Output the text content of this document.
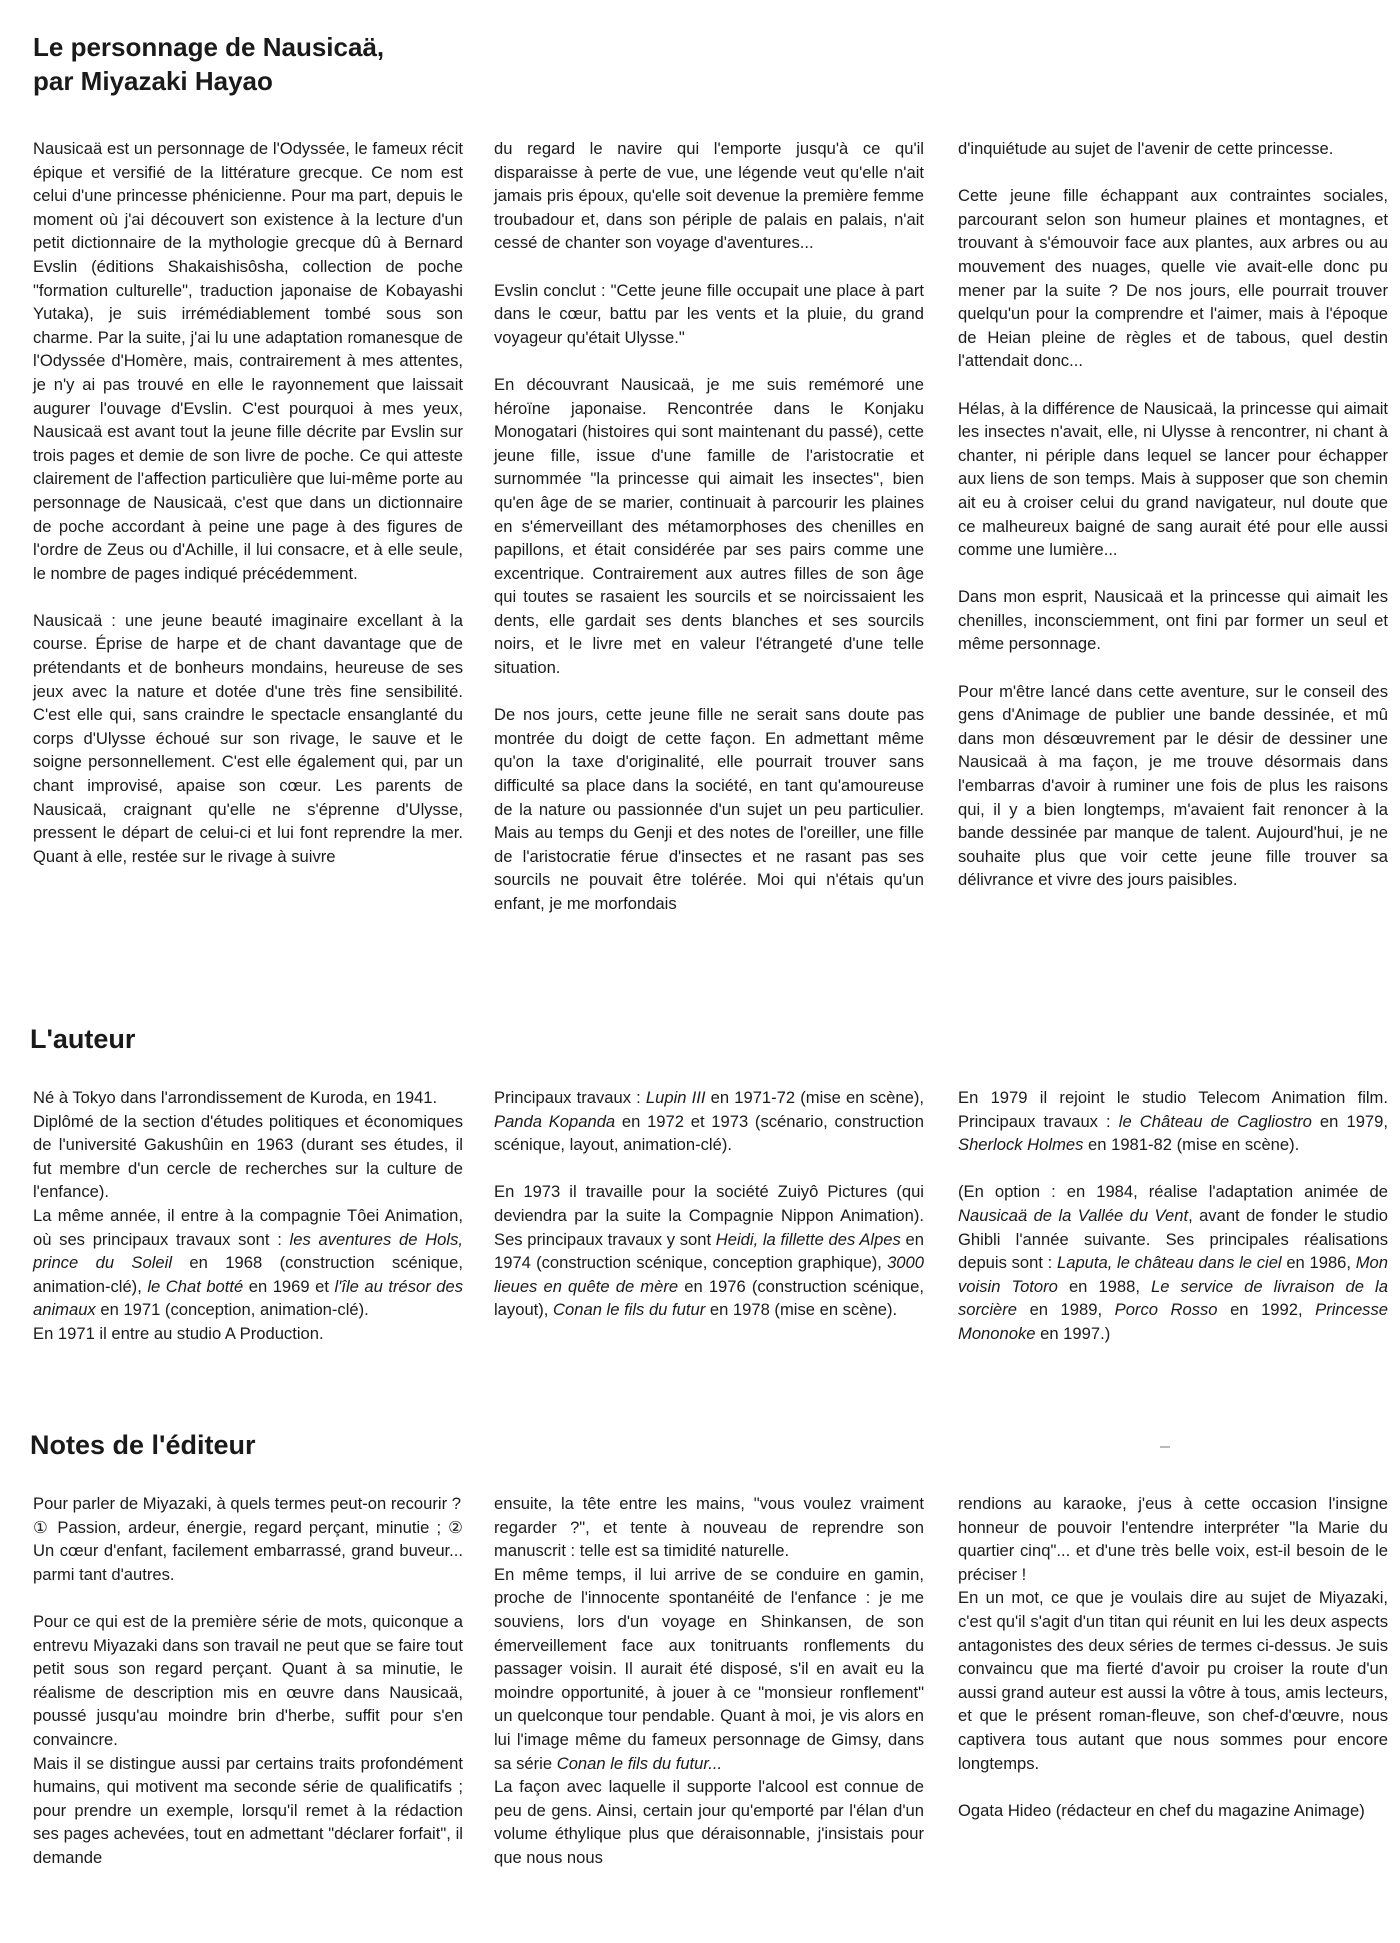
Le personnage de Nausicaä,
par Miyazaki Hayao

Nausicaä est un personnage de l'Odyssée, le fameux récit épique et versifié de la littérature grecque. Ce nom est celui d'une princesse phénicienne. Pour ma part, depuis le moment où j'ai découvert son existence à la lecture d'un petit dictionnaire de la mythologie grecque dû à Bernard Evslin (éditions Shakaishisôsha, collection de poche "formation culturelle", traduction japonaise de Kobayashi Yutaka), je suis irrémédiablement tombé sous son charme. Par la suite, j'ai lu une adaptation romanesque de l'Odyssée d'Homère, mais, contrairement à mes attentes, je n'y ai pas trouvé en elle le rayonnement que laissait augurer l'ouvage d'Evslin. C'est pourquoi à mes yeux, Nausicaä est avant tout la jeune fille décrite par Evslin sur trois pages et demie de son livre de poche. Ce qui atteste clairement de l'affection particulière que lui-même porte au personnage de Nausicaä, c'est que dans un dictionnaire de poche accordant à peine une page à des figures de l'ordre de Zeus ou d'Achille, il lui consacre, et à elle seule, le nombre de pages indiqué précédemment.

Nausicaä : une jeune beauté imaginaire excellant à la course. Éprise de harpe et de chant davantage que de prétendants et de bonheurs mondains, heureuse de ses jeux avec la nature et dotée d'une très fine sensibilité. C'est elle qui, sans craindre le spectacle ensanglanté du corps d'Ulysse échoué sur son rivage, le sauve et le soigne personnellement. C'est elle également qui, par un chant improvisé, apaise son cœur. Les parents de Nausicaä, craignant qu'elle ne s'éprenne d'Ulysse, pressent le départ de celui-ci et lui font reprendre la mer. Quant à elle, restée sur le rivage à suivre

du regard le navire qui l'emporte jusqu'à ce qu'il disparaisse à perte de vue, une légende veut qu'elle n'ait jamais pris époux, qu'elle soit devenue la première femme troubadour et, dans son périple de palais en palais, n'ait cessé de chanter son voyage d'aventures...

Evslin conclut : "Cette jeune fille occupait une place à part dans le cœur, battu par les vents et la pluie, du grand voyageur qu'était Ulysse."

En découvrant Nausicaä, je me suis remémoré une héroïne japonaise. Rencontrée dans le Konjaku Monogatari (histoires qui sont maintenant du passé), cette jeune fille, issue d'une famille de l'aristocratie et surnommée "la princesse qui aimait les insectes", bien qu'en âge de se marier, continuait à parcourir les plaines en s'émerveillant des métamorphoses des chenilles en papillons, et était considérée par ses pairs comme une excentrique. Contrairement aux autres filles de son âge qui toutes se rasaient les sourcils et se noircissaient les dents, elle gardait ses dents blanches et ses sourcils noirs, et le livre met en valeur l'étrangeté d'une telle situation.

De nos jours, cette jeune fille ne serait sans doute pas montrée du doigt de cette façon. En admettant même qu'on la taxe d'originalité, elle pourrait trouver sans difficulté sa place dans la société, en tant qu'amoureuse de la nature ou passionnée d'un sujet un peu particulier. Mais au temps du Genji et des notes de l'oreiller, une fille de l'aristocratie férue d'insectes et ne rasant pas ses sourcils ne pouvait être tolérée. Moi qui n'étais qu'un enfant, je me morfondais

d'inquiétude au sujet de l'avenir de cette princesse.

Cette jeune fille échappant aux contraintes sociales, parcourant selon son humeur plaines et montagnes, et trouvant à s'émouvoir face aux plantes, aux arbres ou au mouvement des nuages, quelle vie avait-elle donc pu mener par la suite ? De nos jours, elle pourrait trouver quelqu'un pour la comprendre et l'aimer, mais à l'époque de Heian pleine de règles et de tabous, quel destin l'attendait donc...

Hélas, à la différence de Nausicaä, la princesse qui aimait les insectes n'avait, elle, ni Ulysse à rencontrer, ni chant à chanter, ni périple dans lequel se lancer pour échapper aux liens de son temps. Mais à supposer que son chemin ait eu à croiser celui du grand navigateur, nul doute que ce malheureux baigné de sang aurait été pour elle aussi comme une lumière...

Dans mon esprit, Nausicaä et la princesse qui aimait les chenilles, inconsciemment, ont fini par former un seul et même personnage.

Pour m'être lancé dans cette aventure, sur le conseil des gens d'Animage de publier une bande dessinée, et mû dans mon désœuvrement par le désir de dessiner une Nausicaä à ma façon, je me trouve désormais dans l'embarras d'avoir à ruminer une fois de plus les raisons qui, il y a bien longtemps, m'avaient fait renoncer à la bande dessinée par manque de talent. Aujourd'hui, je ne souhaite plus que voir cette jeune fille trouver sa délivrance et vivre des jours paisibles.

L'auteur

Né à Tokyo dans l'arrondissement de Kuroda, en 1941.

Diplômé de la section d'études politiques et économiques de l'université Gakushûin en 1963 (durant ses études, il fut membre d'un cercle de recherches sur la culture de l'enfance).

La même année, il entre à la compagnie Tôei Animation, où ses principaux travaux sont : les aventures de Hols, prince du Soleil en 1968 (construction scénique, animation-clé), le Chat botté en 1969 et l'île au trésor des animaux en 1971 (conception, animation-clé).

En 1971 il entre au studio A Production.

Principaux travaux : Lupin III en 1971-72 (mise en scène), Panda Kopanda en 1972 et 1973 (scénario, construction scénique, layout, animation-clé).

En 1973 il travaille pour la société Zuiyô Pictures (qui deviendra par la suite la Compagnie Nippon Animation). Ses principaux travaux y sont Heidi, la fillette des Alpes en 1974 (construction scénique, conception graphique), 3000 lieues en quête de mère en 1976 (construction scénique, layout), Conan le fils du futur en 1978 (mise en scène).

En 1979 il rejoint le studio Telecom Animation film. Principaux travaux : le Château de Cagliostro en 1979, Sherlock Holmes en 1981-82 (mise en scène).

(En option : en 1984, réalise l'adaptation animée de Nausicaä de la Vallée du Vent, avant de fonder le studio Ghibli l'année suivante. Ses principales réalisations depuis sont : Laputa, le château dans le ciel en 1986, Mon voisin Totoro en 1988, Le service de livraison de la sorcière en 1989, Porco Rosso en 1992, Princesse Mononoke en 1997.)

Notes de l'éditeur

Pour parler de Miyazaki, à quels termes peut-on recourir ?

① Passion, ardeur, énergie, regard perçant, minutie ; ② Un cœur d'enfant, facilement embarrassé, grand buveur... parmi tant d'autres.

Pour ce qui est de la première série de mots, quiconque a entrevu Miyazaki dans son travail ne peut que se faire tout petit sous son regard perçant. Quant à sa minutie, le réalisme de description mis en œuvre dans Nausicaä, poussé jusqu'au moindre brin d'herbe, suffit pour s'en convaincre.

Mais il se distingue aussi par certains traits profondément humains, qui motivent ma seconde série de qualificatifs ; pour prendre un exemple, lorsqu'il remet à la rédaction ses pages achevées, tout en admettant "déclarer forfait", il demande

ensuite, la tête entre les mains, "vous voulez vraiment regarder ?", et tente à nouveau de reprendre son manuscrit : telle est sa timidité naturelle.

En même temps, il lui arrive de se conduire en gamin, proche de l'innocente spontanéité de l'enfance : je me souviens, lors d'un voyage en Shinkansen, de son émerveillement face aux tonitruants ronflements du passager voisin. Il aurait été disposé, s'il en avait eu la moindre opportunité, à jouer à ce "monsieur ronflement" un quelconque tour pendable. Quant à moi, je vis alors en lui l'image même du fameux personnage de Gimsy, dans sa série Conan le fils du futur...

La façon avec laquelle il supporte l'alcool est connue de peu de gens. Ainsi, certain jour qu'emporté par l'élan d'un volume éthylique plus que déraisonnable, j'insistais pour que nous nous

rendions au karaoke, j'eus à cette occasion l'insigne honneur de pouvoir l'entendre interpréter "la Marie du quartier cinq"... et d'une très belle voix, est-il besoin de le préciser !

En un mot, ce que je voulais dire au sujet de Miyazaki, c'est qu'il s'agit d'un titan qui réunit en lui les deux aspects antagonistes des deux séries de termes ci-dessus. Je suis convaincu que ma fierté d'avoir pu croiser la route d'un aussi grand auteur est aussi la vôtre à tous, amis lecteurs, et que le présent roman-fleuve, son chef-d'œuvre, nous captivera tous autant que nous sommes pour encore longtemps.

Ogata Hideo (rédacteur en chef du magazine Animage)
